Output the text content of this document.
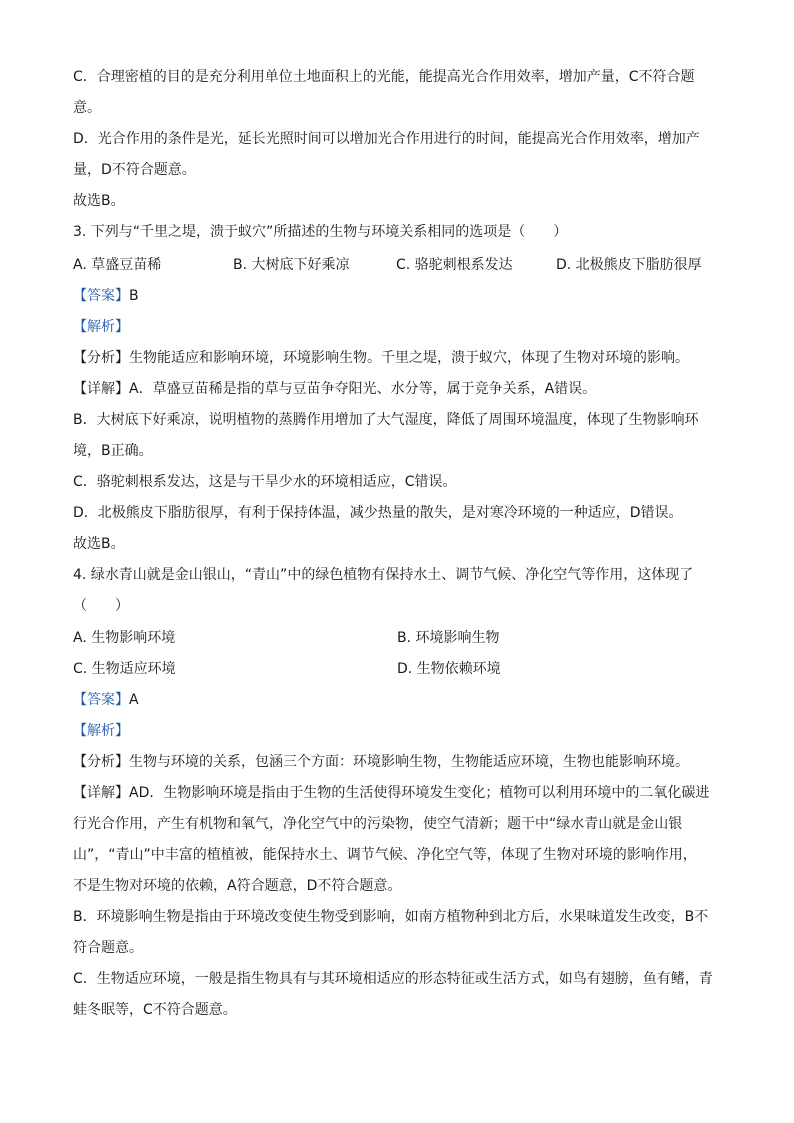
C．合理密植的目的是充分利用单位土地面积上的光能，能提高光合作用效率，增加产量，C不符合题
意。
D．光合作用的条件是光，延长光照时间可以增加光合作用进行的时间，能提高光合作用效率，增加产
量，D不符合题意。
故选B。
3. 下列与“千里之堤，溃于蚁穴”所描述的生物与环境关系相同的选项是（　　）
A. 草盛豆苗稀	B. 大树底下好乘凉	C. 骆驼刺根系发达	D. 北极熊皮下脂肪很厚
【答案】B
【解析】
【分析】生物能适应和影响环境，环境影响生物。千里之堤，溃于蚁穴，体现了生物对环境的影响。
【详解】A．草盛豆苗稀是指的草与豆苗争夺阳光、水分等，属于竞争关系，A错误。
B．大树底下好乘凉，说明植物的蒸腾作用增加了大气湿度，降低了周围环境温度，体现了生物影响环
境，B正确。
C．骆驼刺根系发达，这是与干旱少水的环境相适应，C错误。
D．北极熊皮下脂肪很厚，有利于保持体温，减少热量的散失，是对寒冷环境的一种适应，D错误。
故选B。
4. 绿水青山就是金山银山，“青山”中的绿色植物有保持水土、调节气候、净化空气等作用，这体现了
（　　）
A. 生物影响环境	B. 环境影响生物
C. 生物适应环境	D. 生物依赖环境
【答案】A
【解析】
【分析】生物与环境的关系，包涵三个方面：环境影响生物，生物能适应环境，生物也能影响环境。
【详解】AD．生物影响环境是指由于生物的生活使得环境发生变化；植物可以利用环境中的二氧化碳进
行光合作用，产生有机物和氧气，净化空气中的污染物，使空气清新；题干中“绿水青山就是金山银
山”，“青山”中丰富的植植被，能保持水土、调节气候、净化空气等，体现了生物对环境的影响作用，
不是生物对环境的依赖，A符合题意，D不符合题意。
B．环境影响生物是指由于环境改变使生物受到影响，如南方植物种到北方后，水果味道发生改变，B不
符合题意。
C．生物适应环境，一般是指生物具有与其环境相适应的形态特征或生活方式，如鸟有翅膀，鱼有鳍，青
蛙冬眠等，C不符合题意。
